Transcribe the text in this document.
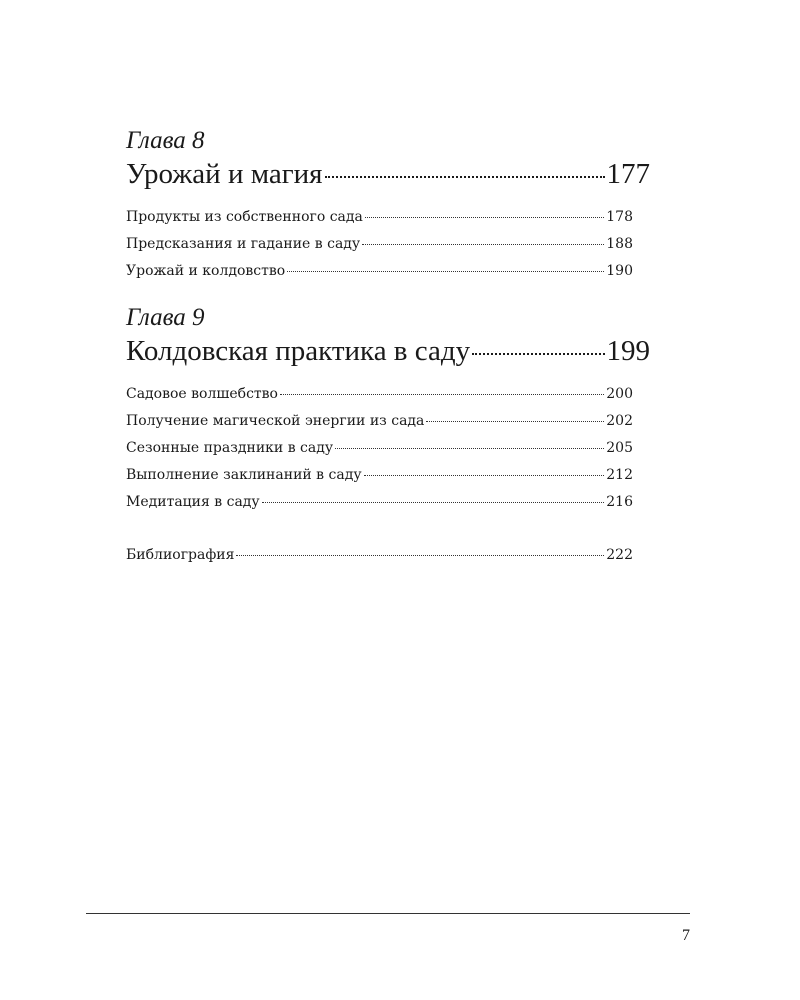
Глава 8

Урожай и магия	177
Продукты из собственного сада	178
Предсказания и гадание в саду	188
Урожай и колдовство	190

Глава 9

Колдовская практика в саду	199
Садовое волшебство	200
Получение магической энергии из сада	202
Сезонные праздники в саду	205
Выполнение заклинаний в саду	212
Медитация в саду	216
Библиография	222
7
